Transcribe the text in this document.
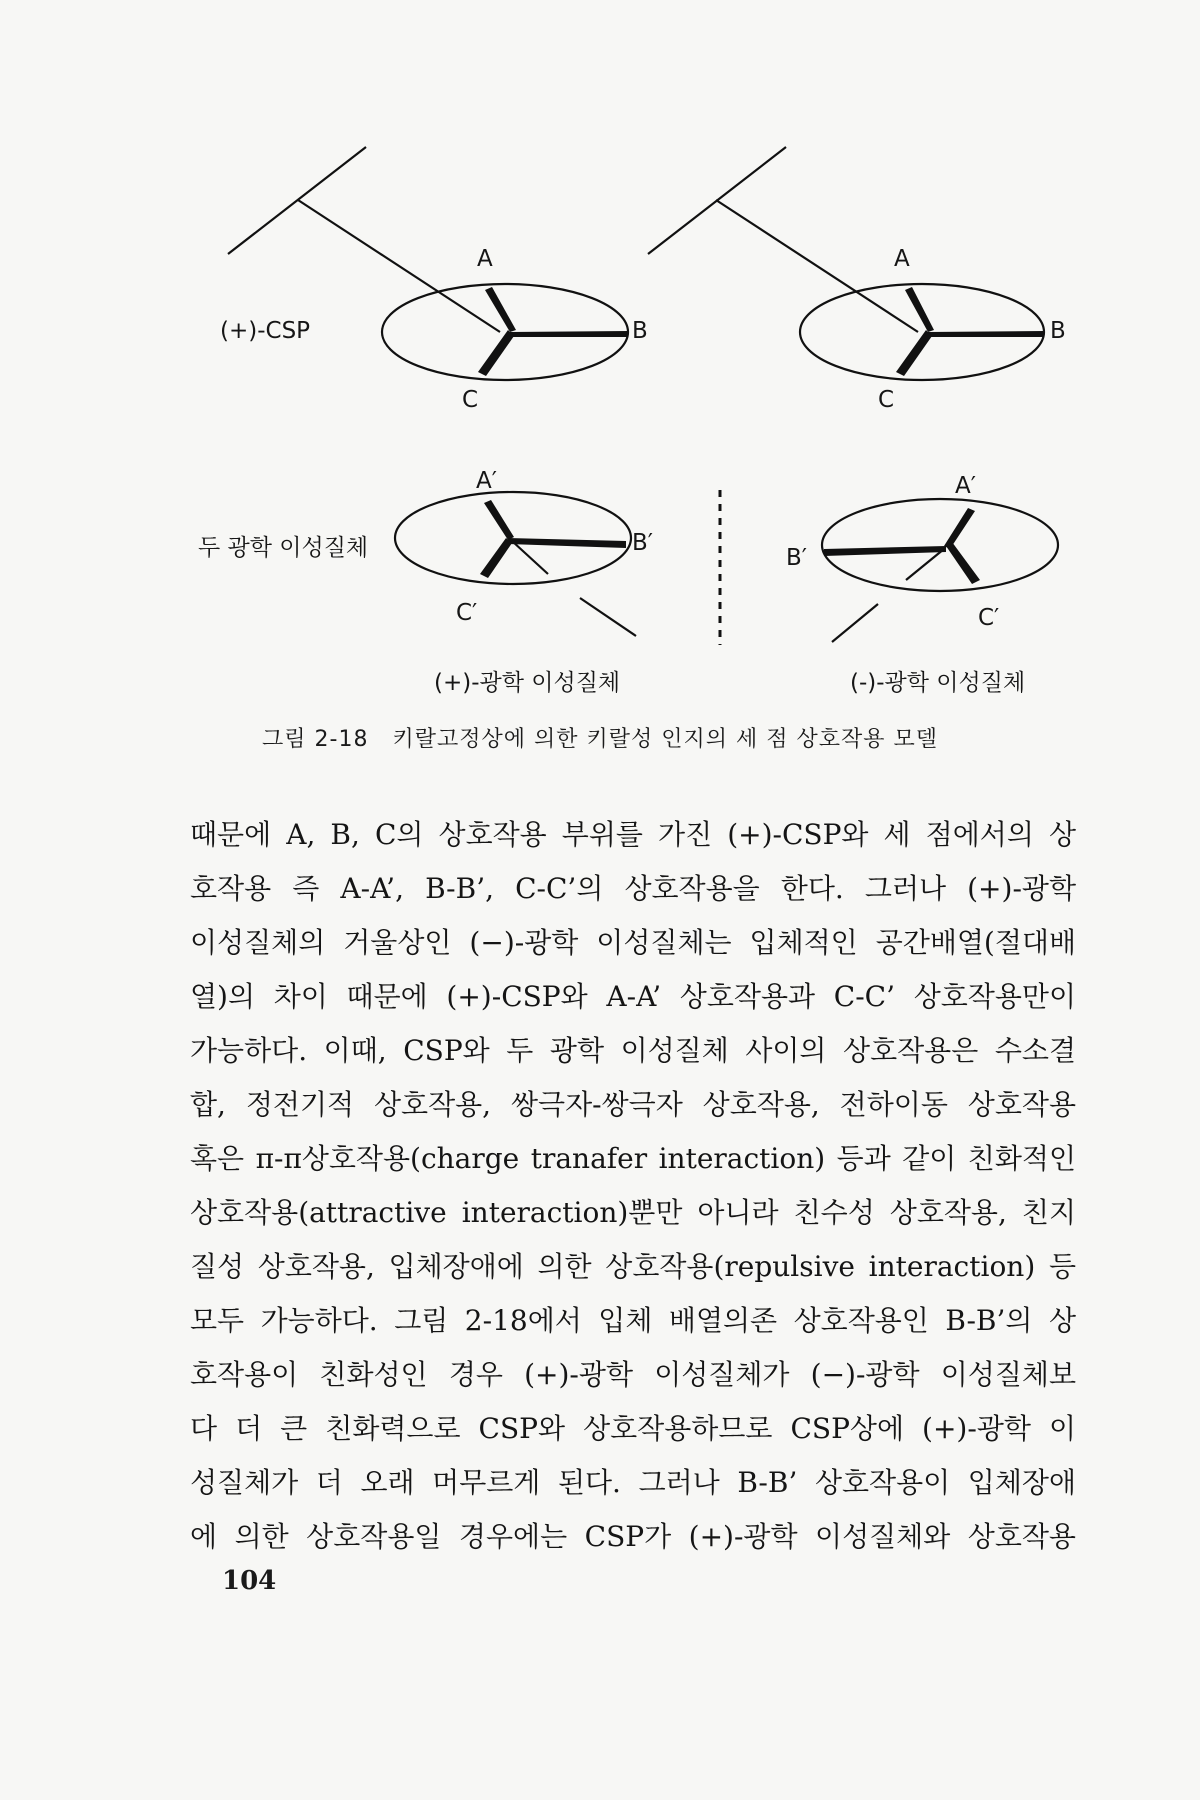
(+)-CSP
A
B
C
A
B
C
두 광학 이성질체
A′
B′
C′
(+)-광학 이성질체
A′
B′
C′
(-)-광학 이성질체
그림 2-18 키랄고정상에 의한 키랄성 인지의 세 점 상호작용 모델
때문에 A, B, C의 상호작용 부위를 가진 (+)-CSP와 세 점에서의 상
호작용 즉 A-A’, B-B’, C-C’의 상호작용을 한다. 그러나 (+)-광학
이성질체의 거울상인 (−)-광학 이성질체는 입체적인 공간배열(절대배
열)의 차이 때문에 (+)-CSP와 A-A’ 상호작용과 C-C’ 상호작용만이
가능하다. 이때, CSP와 두 광학 이성질체 사이의 상호작용은 수소결
합, 정전기적 상호작용, 쌍극자-쌍극자 상호작용, 전하이동 상호작용
혹은 π-π상호작용(charge tranafer interaction) 등과 같이 친화적인
상호작용(attractive interaction)뿐만 아니라 친수성 상호작용, 친지
질성 상호작용, 입체장애에 의한 상호작용(repulsive interaction) 등
모두 가능하다. 그림 2-18에서 입체 배열의존 상호작용인 B-B’의 상
호작용이 친화성인 경우 (+)-광학 이성질체가 (−)-광학 이성질체보
다 더 큰 친화력으로 CSP와 상호작용하므로 CSP상에 (+)-광학 이
성질체가 더 오래 머무르게 된다. 그러나 B-B’ 상호작용이 입체장애
에 의한 상호작용일 경우에는 CSP가 (+)-광학 이성질체와 상호작용
104
